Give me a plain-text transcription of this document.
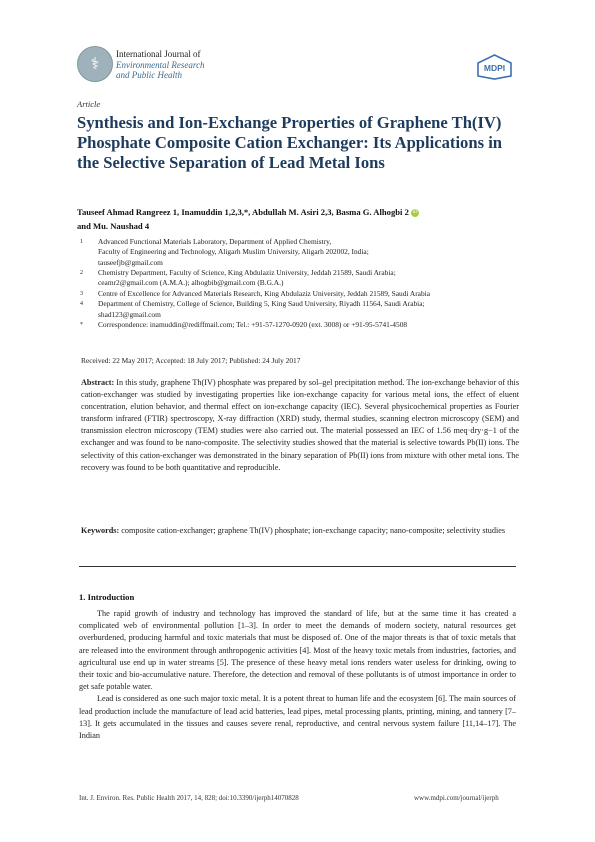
⚕
International Journal of
Environmental Research
and Public Health
MDPI
Article
Synthesis and Ion-Exchange Properties of Graphene Th(IV) Phosphate Composite Cation Exchanger: Its Applications in the Selective Separation of Lead Metal Ions
Tauseef Ahmad Rangreez 1, Inamuddin 1,2,3,*, Abdullah M. Asiri 2,3, Basma G. Alhogbi 2 iD
and Mu. Naushad 4
1	Advanced Functional Materials Laboratory, Department of Applied Chemistry,
Faculty of Engineering and Technology, Aligarh Muslim University, Aligarh 202002, India;
tauseefjb@gmail.com
2	Chemistry Department, Faculty of Science, King Abdulaziz University, Jeddah 21589, Saudi Arabia;
ceamr2@gmail.com (A.M.A.); alhogbib@gmail.com (B.G.A.)
3	Centre of Excellence for Advanced Materials Research, King Abdulaziz University, Jeddah 21589, Saudi Arabia
4	Department of Chemistry, College of Science, Building 5, King Saud University, Riyadh 11564, Saudi Arabia;
shad123@gmail.com
*	Correspondence: inamuddin@rediffmail.com; Tel.: +91-57-1270-0920 (ext. 3008) or +91-95-5741-4508
Received: 22 May 2017; Accepted: 18 July 2017; Published: 24 July 2017
Abstract: In this study, graphene Th(IV) phosphate was prepared by sol–gel precipitation method. The ion-exchange behavior of this cation-exchanger was studied by investigating properties like ion-exchange capacity for various metal ions, the effect of eluent concentration, elution behavior, and thermal effect on ion-exchange capacity (IEC). Several physicochemical properties as Fourier transform infrared (FTIR) spectroscopy, X-ray diffraction (XRD) study, thermal studies, scanning electron microscopy (SEM) and transmission electron microscopy (TEM) studies were also carried out. The material possessed an IEC of 1.56 meq·dry·g−1 of the exchanger and was found to be nano-composite. The selectivity studies showed that the material is selective towards Pb(II) ions. The selectivity of this cation-exchanger was demonstrated in the binary separation of Pb(II) ions from mixture with other metal ions. The recovery was found to be both quantitative and reproducible.
Keywords: composite cation-exchanger; graphene Th(IV) phosphate; ion-exchange capacity; nano-composite; selectivity studies
1. Introduction

The rapid growth of industry and technology has improved the standard of life, but at the same time it has created a complicated web of environmental pollution [1–3]. In order to meet the demands of modern society, natural resources get overburdened, producing harmful and toxic materials that must be disposed of. One of the major threats is that of toxic metals that are released into the environment through anthropogenic activities [4]. Most of the heavy toxic metals from industries, factories, and agricultural use end up in water streams [5]. The presence of these heavy metal ions renders water useless for drinking, owing to their toxic and bio-accumulative nature. Therefore, the detection and removal of these pollutants is of utmost importance in order to get safe potable water.

Lead is considered as one such major toxic metal. It is a potent threat to human life and the ecosystem [6]. The main sources of lead production include the manufacture of lead acid batteries, lead pipes, metal processing plants, printing, mining, and tannery [7–13]. It gets accumulated in the tissues and causes severe renal, reproductive, and central nervous system failure [11,14–17]. The Indian

Int. J. Environ. Res. Public Health 2017, 14, 828; doi:10.3390/ijerph14070828	www.mdpi.com/journal/ijerph
